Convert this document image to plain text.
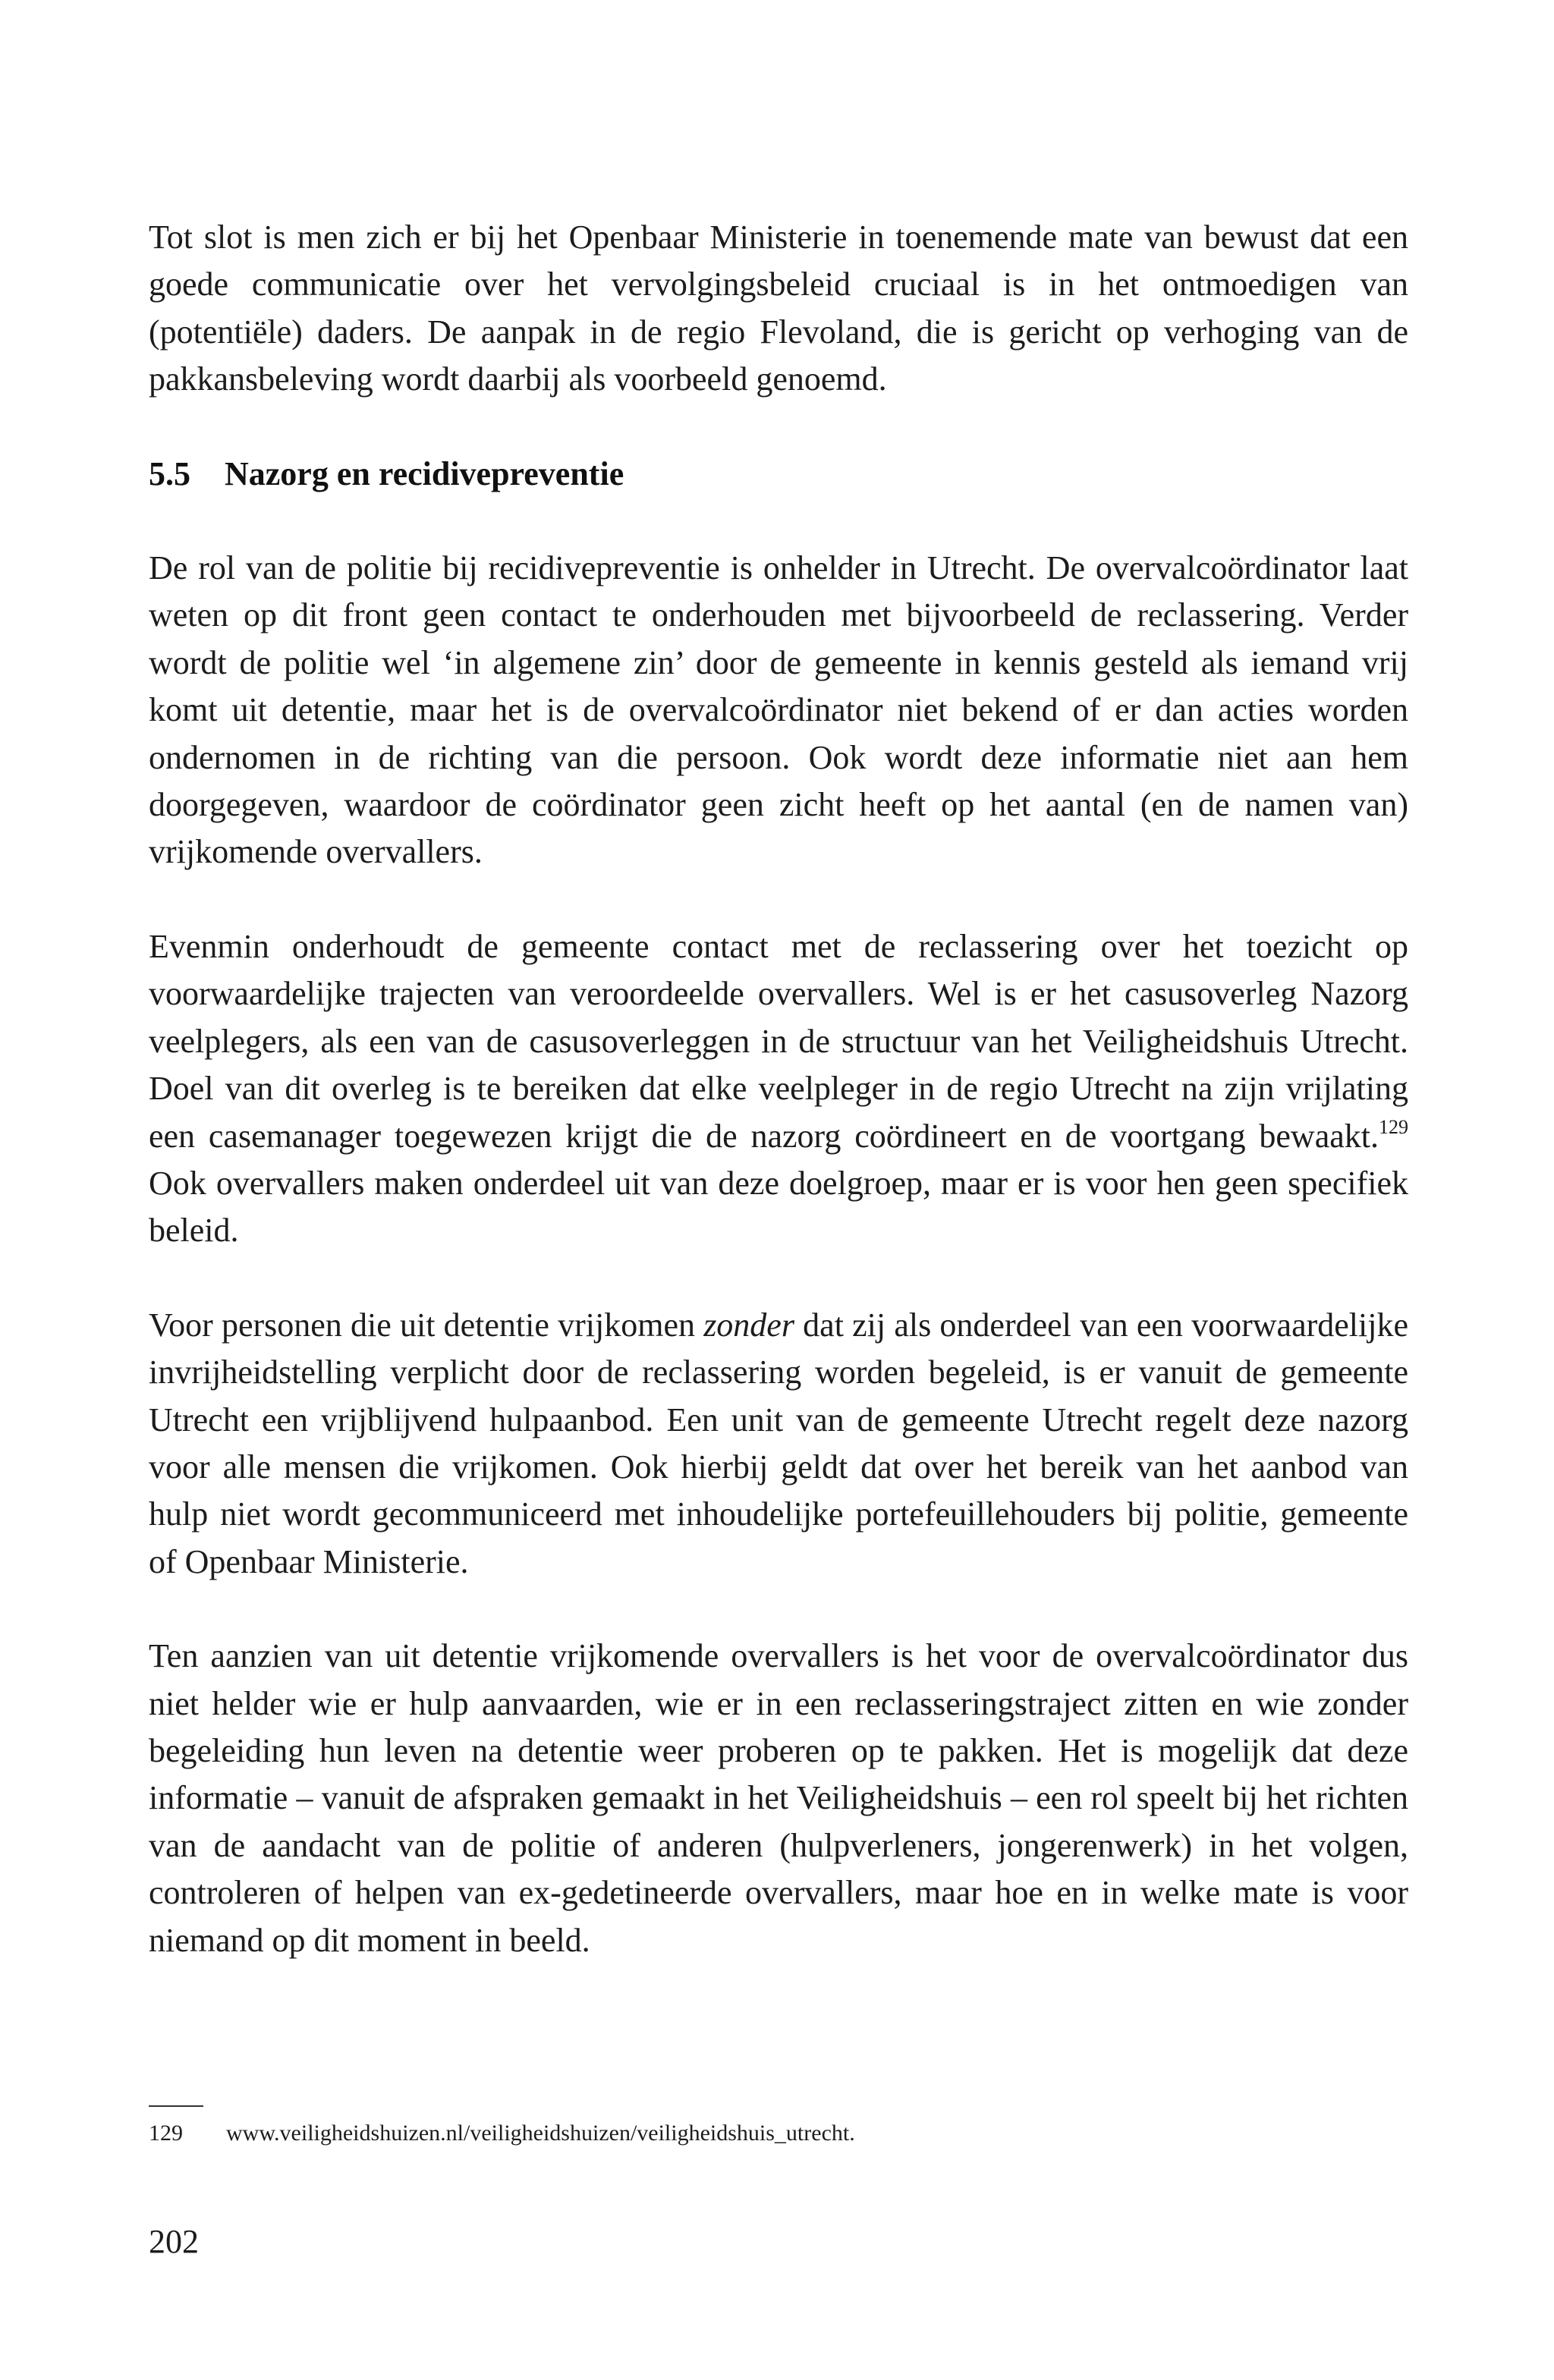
Tot slot is men zich er bij het Openbaar Ministerie in toenemende mate van bewust dat een goede communicatie over het vervolgingsbeleid cruciaal is in het ontmoedigen van (potentiële) daders. De aanpak in de regio Flevoland, die is gericht op verhoging van de pakkansbeleving wordt daarbij als voorbeeld genoemd.

5.5 Nazorg en recidivepreventie

De rol van de politie bij recidivepreventie is onhelder in Utrecht. De overvalcoördinator laat weten op dit front geen contact te onderhouden met bijvoorbeeld de reclassering. Verder wordt de politie wel ‘in algemene zin’ door de gemeente in kennis gesteld als iemand vrij komt uit detentie, maar het is de overvalcoördinator niet bekend of er dan acties worden ondernomen in de richting van die persoon. Ook wordt deze informatie niet aan hem doorgegeven, waardoor de coördinator geen zicht heeft op het aantal (en de namen van) vrijkomende overvallers.

Evenmin onderhoudt de gemeente contact met de reclassering over het toezicht op voorwaardelijke trajecten van veroordeelde overvallers. Wel is er het casusoverleg Nazorg veelplegers, als een van de casusoverleggen in de structuur van het Veiligheidshuis Utrecht. Doel van dit overleg is te bereiken dat elke veelpleger in de regio Utrecht na zijn vrijlating een casemanager toegewezen krijgt die de nazorg coördineert en de voortgang bewaakt.$^{129}$ Ook overvallers maken onderdeel uit van deze doelgroep, maar er is voor hen geen specifiek beleid.

Voor personen die uit detentie vrijkomen zonder dat zij als onderdeel van een voorwaardelijke invrijheidstelling verplicht door de reclassering worden begeleid, is er vanuit de gemeente Utrecht een vrijblijvend hulpaanbod. Een unit van de gemeente Utrecht regelt deze nazorg voor alle mensen die vrijkomen. Ook hierbij geldt dat over het bereik van het aanbod van hulp niet wordt gecommuniceerd met inhoudelijke portefeuillehouders bij politie, gemeente of Openbaar Ministerie.

Ten aanzien van uit detentie vrijkomende overvallers is het voor de overvalcoördinator dus niet helder wie er hulp aanvaarden, wie er in een reclasseringstraject zitten en wie zonder begeleiding hun leven na detentie weer proberen op te pakken. Het is mogelijk dat deze informatie – vanuit de afspraken gemaakt in het Veiligheidshuis – een rol speelt bij het richten van de aandacht van de politie of anderen (hulpverleners, jongerenwerk) in het volgen, controleren of helpen van ex-gedetineerde overvallers, maar hoe en in welke mate is voor niemand op dit moment in beeld.

129 www.veiligheidshuizen.nl/veiligheidshuizen/veiligheidshuis_utrecht.
202
